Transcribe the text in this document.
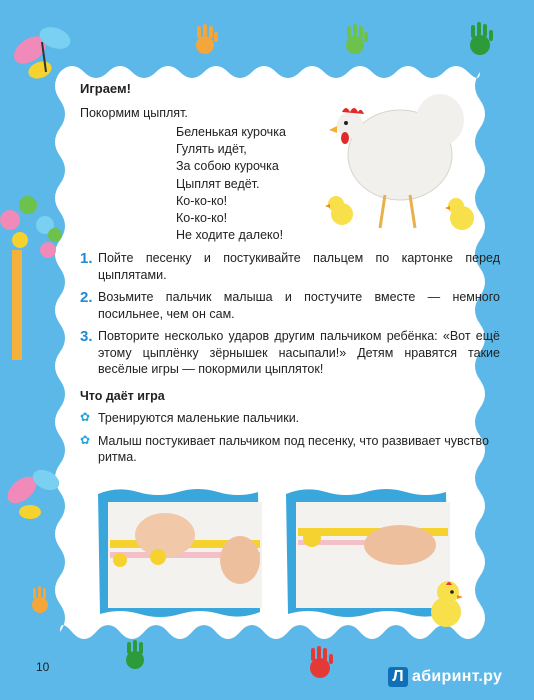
Играем!
Покормим цыплят.
Беленькая курочка
Гулять идёт,
За собою курочка
Цыплят ведёт.
Ко-ко-ко!
Ко-ко-ко!
Не ходите далеко!
1. Пойте песенку и постукивайте пальцем по картонке перед цыплятами.
2. Возьмите пальчик малыша и постучите вместе — немного посильнее, чем он сам.
3. Повторите несколько ударов другим пальчиком ребёнка: «Вот ещё этому цыплёнку зёрнышек насыпали!» Детям нравятся такие весёлые игры — покормили цыпляток!
Что даёт игра
✿ Тренируются маленькие пальчики.
✿ Малыш постукивает пальчиком под песенку, что развивает чувство ритма.
10
Л абиринт.ру
